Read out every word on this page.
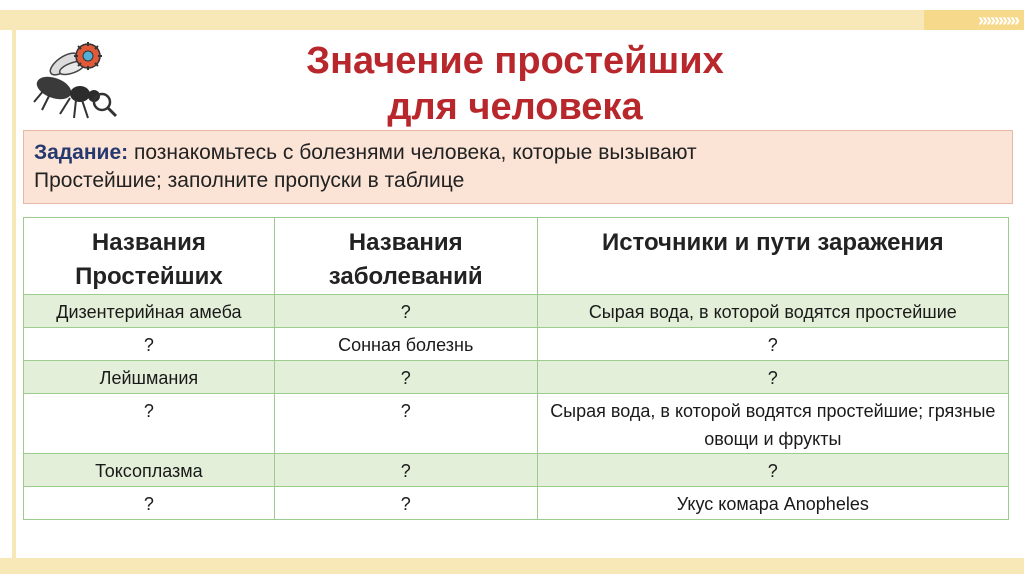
»»»»»
Значение простейших
для человека
Задание: познакомьтесь с болезнями человека, которые вызывают
Простейшие; заполните пропуски в таблице
Названия Простейших	Названия заболеваний	Источники и пути заражения
Дизентерийная амеба	?	Сырая вода, в которой водятся простейшие
?	Сонная болезнь	?
Лейшмания	?	?
?	?	Сырая вода, в которой водятся простейшие; грязные овощи и фрукты
Токсоплазма	?	?
?	?	Укус комара Anopheles
